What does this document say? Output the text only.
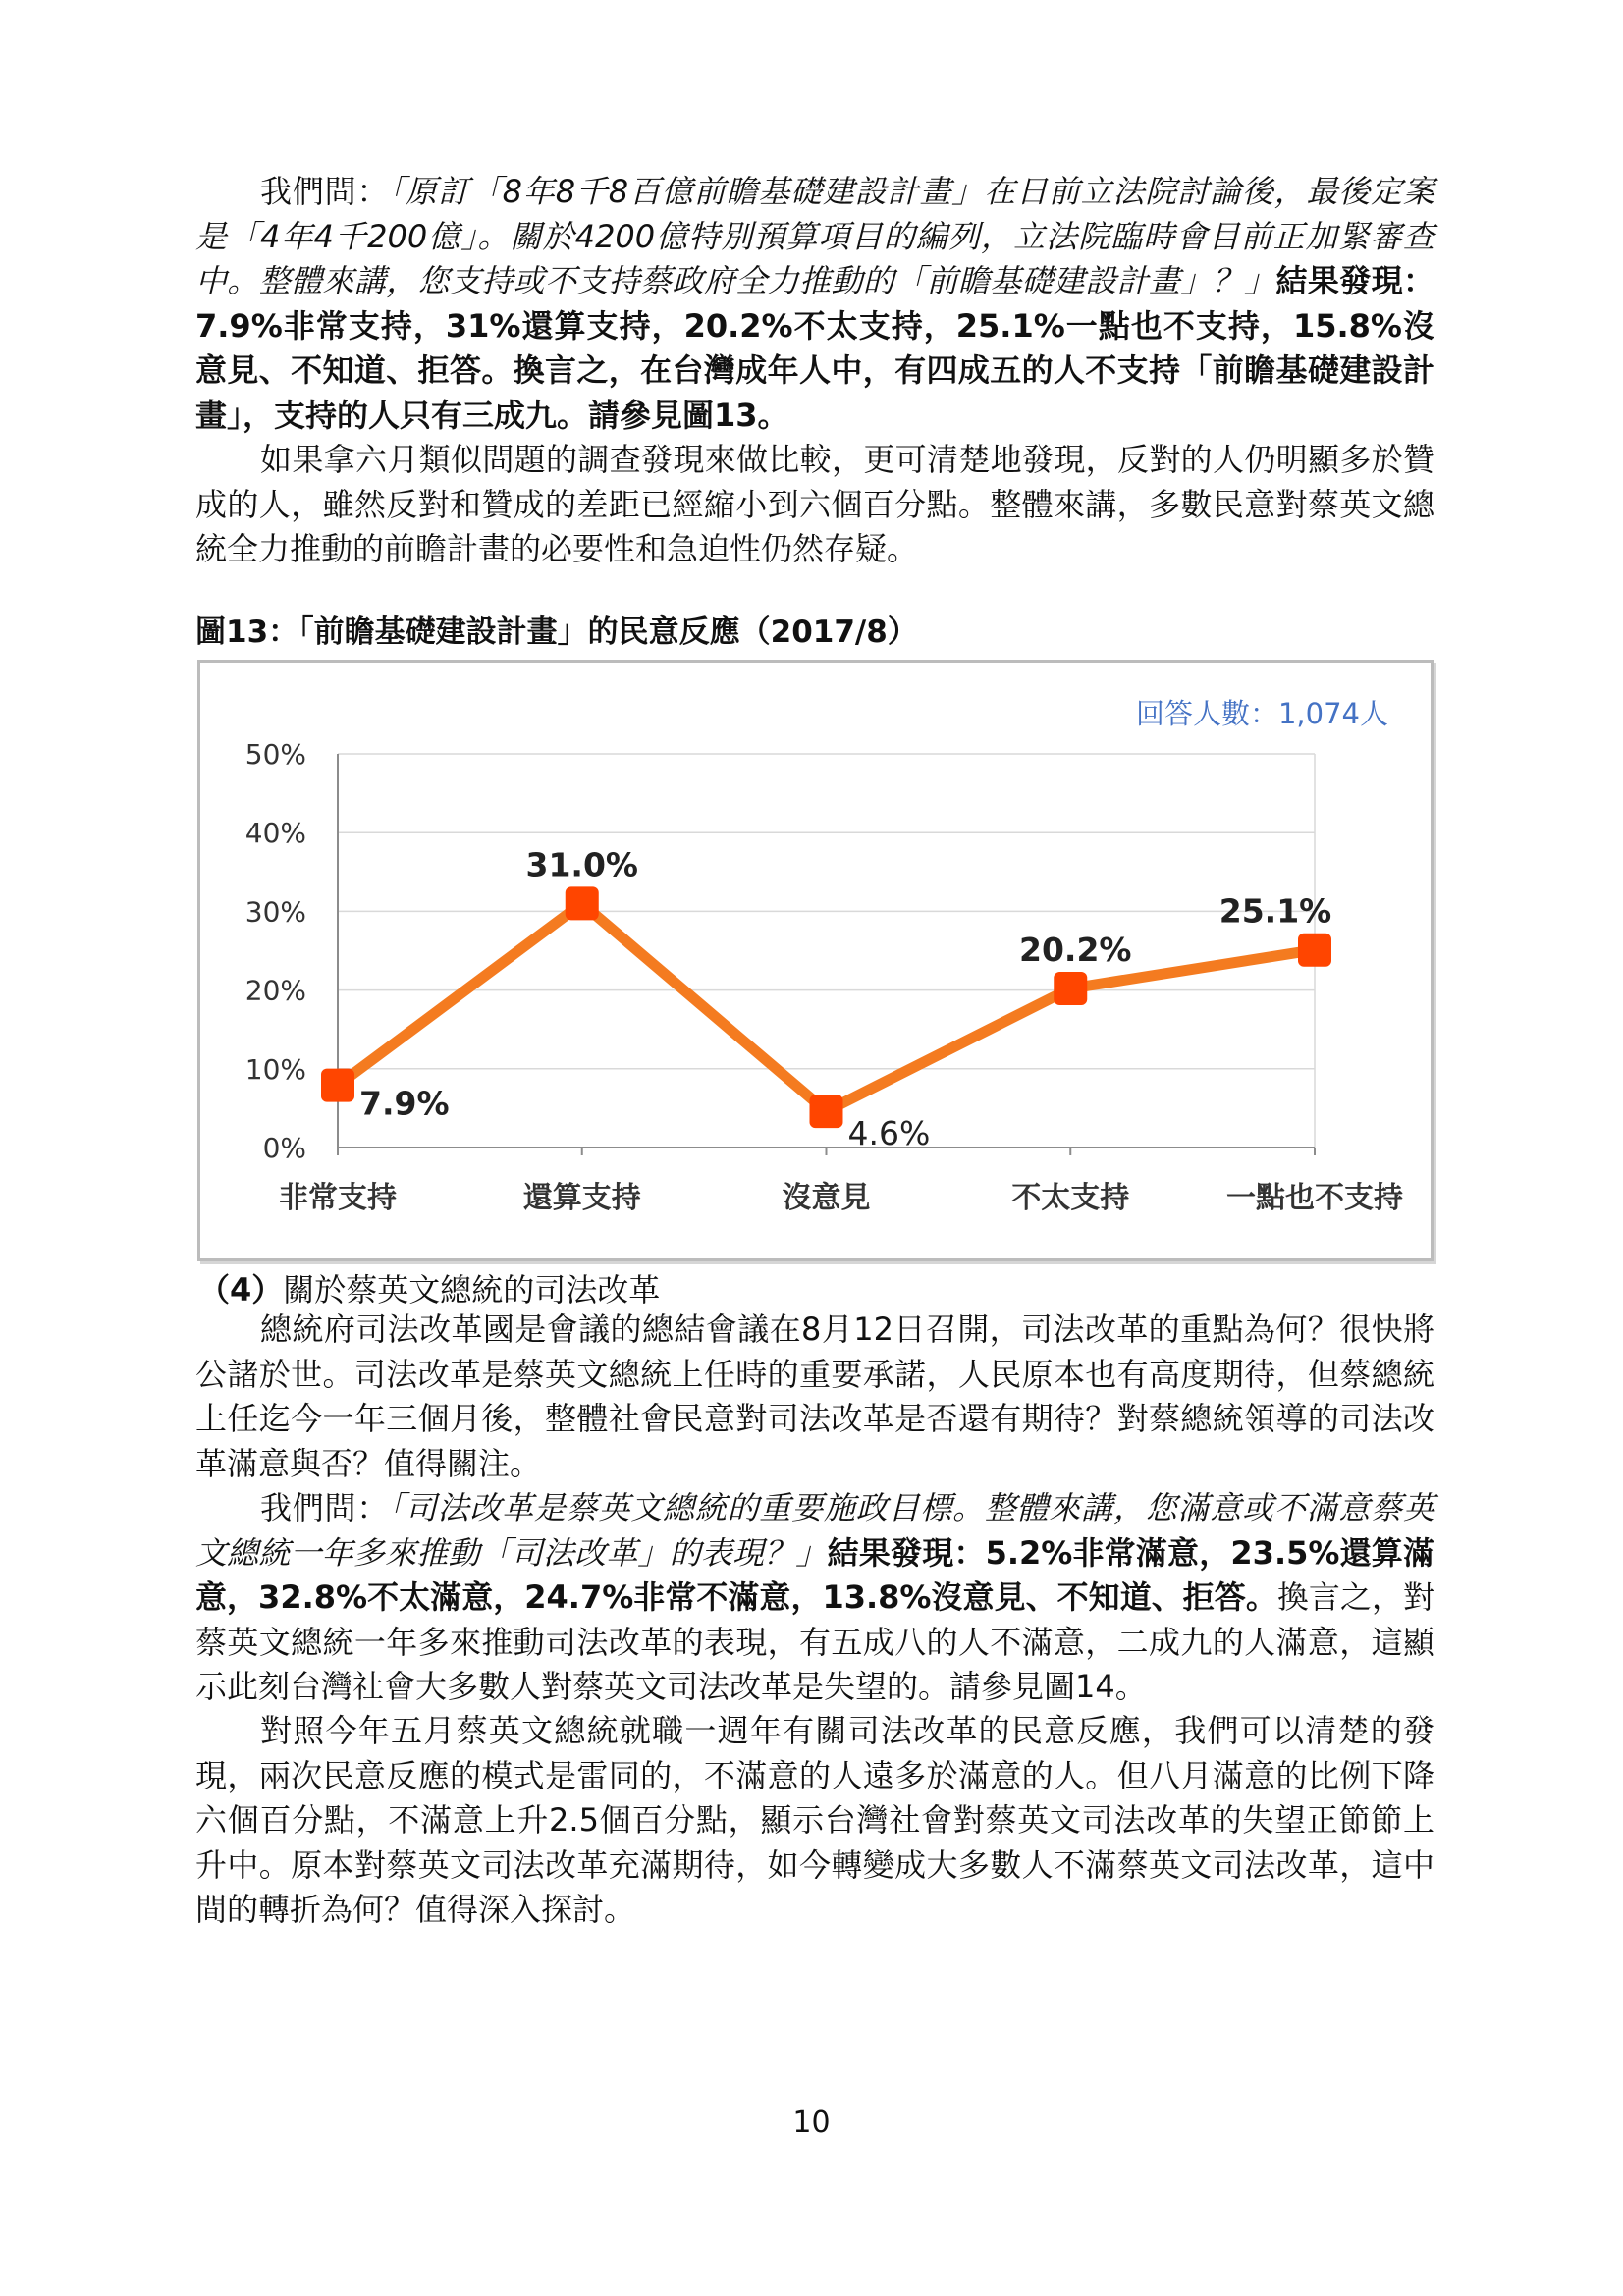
我們問：「原訂「8年8千8百億前瞻基礎建設計畫」在日前立法院討論後，最後定案是「4年4千200億」。關於4200億特別預算項目的編列，立法院臨時會目前正加緊審查中。整體來講，您支持或不支持蔡政府全力推動的「前瞻基礎建設計畫」？」結果發現：7.9%非常支持，31%還算支持，20.2%不太支持，25.1%一點也不支持，15.8%沒意見、不知道、拒答。換言之，在台灣成年人中，有四成五的人不支持「前瞻基礎建設計畫」，支持的人只有三成九。請參見圖13。

如果拿六月類似問題的調查發現來做比較，更可清楚地發現，反對的人仍明顯多於贊成的人，雖然反對和贊成的差距已經縮小到六個百分點。整體來講，多數民意對蔡英文總統全力推動的前瞻計畫的必要性和急迫性仍然存疑。

圖13：「前瞻基礎建設計畫」的民意反應（2017/8）

0%
10%
20%
30%
40%
50%
非常支持	還算支持	沒意見	不太支持	一點也不支持
7.9%
31.0%
4.6%
20.2%
25.1%
回答人數：1,074人

（4）關於蔡英文總統的司法改革

總統府司法改革國是會議的總結會議在8月12日召開，司法改革的重點為何？很快將公諸於世。司法改革是蔡英文總統上任時的重要承諾，人民原本也有高度期待，但蔡總統上任迄今一年三個月後，整體社會民意對司法改革是否還有期待？對蔡總統領導的司法改革滿意與否？值得關注。

我們問：「司法改革是蔡英文總統的重要施政目標。整體來講，您滿意或不滿意蔡英文總統一年多來推動「司法改革」的表現？」結果發現：5.2%非常滿意，23.5%還算滿意，32.8%不太滿意，24.7%非常不滿意，13.8%沒意見、不知道、拒答。換言之，對蔡英文總統一年多來推動司法改革的表現，有五成八的人不滿意，二成九的人滿意，這顯示此刻台灣社會大多數人對蔡英文司法改革是失望的。請參見圖14。

對照今年五月蔡英文總統就職一週年有關司法改革的民意反應，我們可以清楚的發現，兩次民意反應的模式是雷同的，不滿意的人遠多於滿意的人。但八月滿意的比例下降六個百分點，不滿意上升2.5個百分點，顯示台灣社會對蔡英文司法改革的失望正節節上升中。原本對蔡英文司法改革充滿期待，如今轉變成大多數人不滿蔡英文司法改革，這中間的轉折為何？值得深入探討。

10
